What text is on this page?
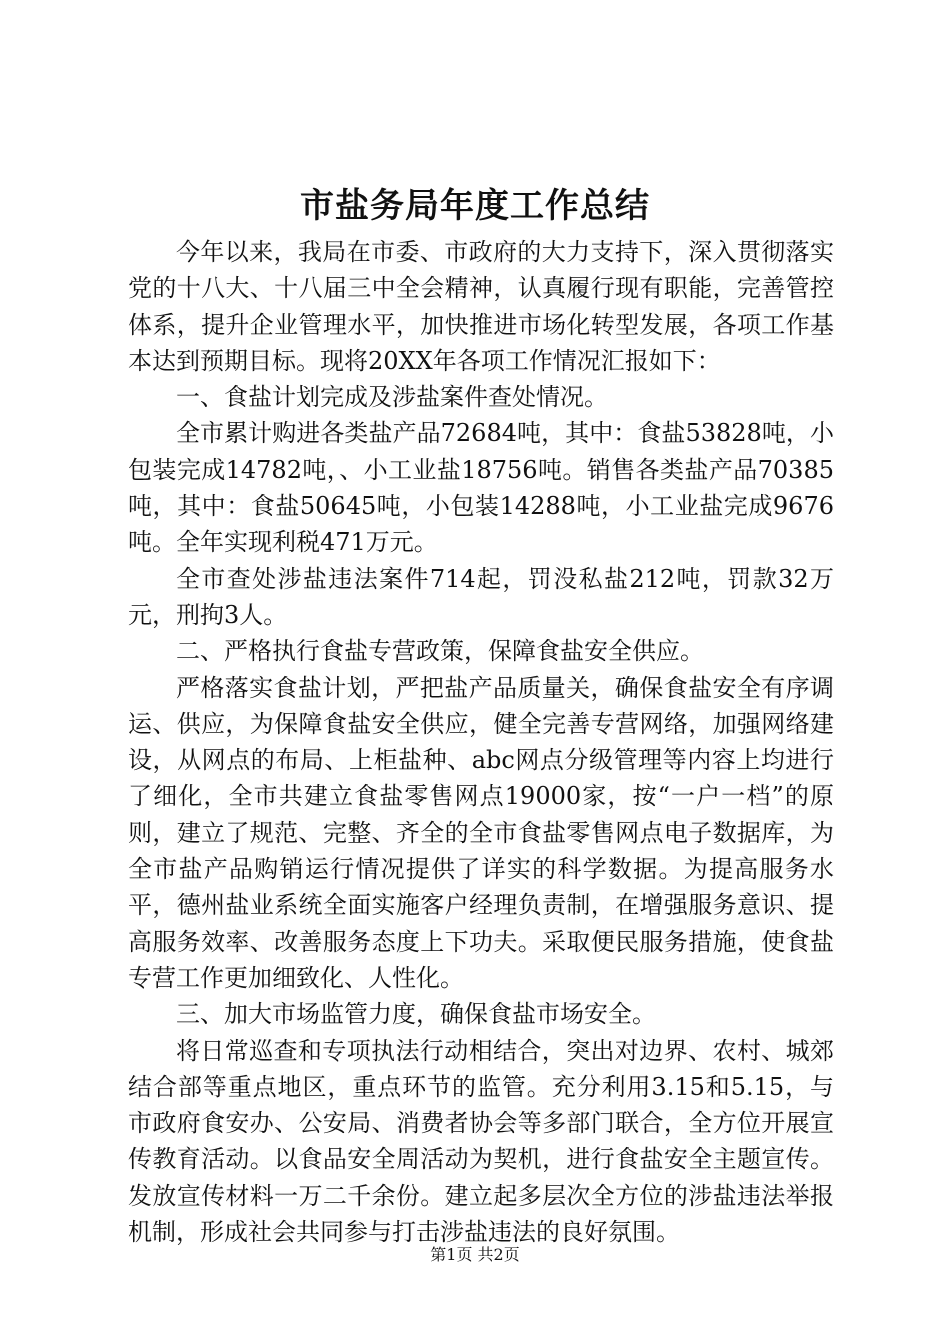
市盐务局年度工作总结

今年以来，我局在市委、市政府的大力支持下，深入贯彻落实党的十八大、十八届三中全会精神，认真履行现有职能，完善管控体系，提升企业管理水平，加快推进市场化转型发展，各项工作基本达到预期目标。现将20XX年各项工作情况汇报如下：

一、食盐计划完成及涉盐案件查处情况。

全市累计购进各类盐产品72684吨，其中：食盐53828吨，小包装完成14782吨，、小工业盐18756吨。销售各类盐产品70385吨，其中：食盐50645吨，小包装14288吨，小工业盐完成9676吨。全年实现利税471万元。

全市查处涉盐违法案件714起，罚没私盐212吨，罚款32万元，刑拘3人。

二、严格执行食盐专营政策，保障食盐安全供应。

严格落实食盐计划，严把盐产品质量关，确保食盐安全有序调运、供应，为保障食盐安全供应，健全完善专营网络，加强网络建设，从网点的布局、上柜盐种、abc网点分级管理等内容上均进行了细化，全市共建立食盐零售网点19000家，按“一户一档”的原则，建立了规范、完整、齐全的全市食盐零售网点电子数据库，为全市盐产品购销运行情况提供了详实的科学数据。为提高服务水平，德州盐业系统全面实施客户经理负责制，在增强服务意识、提高服务效率、改善服务态度上下功夫。采取便民服务措施，使食盐专营工作更加细致化、人性化。

三、加大市场监管力度，确保食盐市场安全。

将日常巡查和专项执法行动相结合，突出对边界、农村、城郊结合部等重点地区，重点环节的监管。充分利用3.15和5.15，与市政府食安办、公安局、消费者协会等多部门联合，全方位开展宣传教育活动。以食品安全周活动为契机，进行食盐安全主题宣传。发放宣传材料一万二千余份。建立起多层次全方位的涉盐违法举报机制，形成社会共同参与打击涉盐违法的良好氛围。

第1页 共2页
